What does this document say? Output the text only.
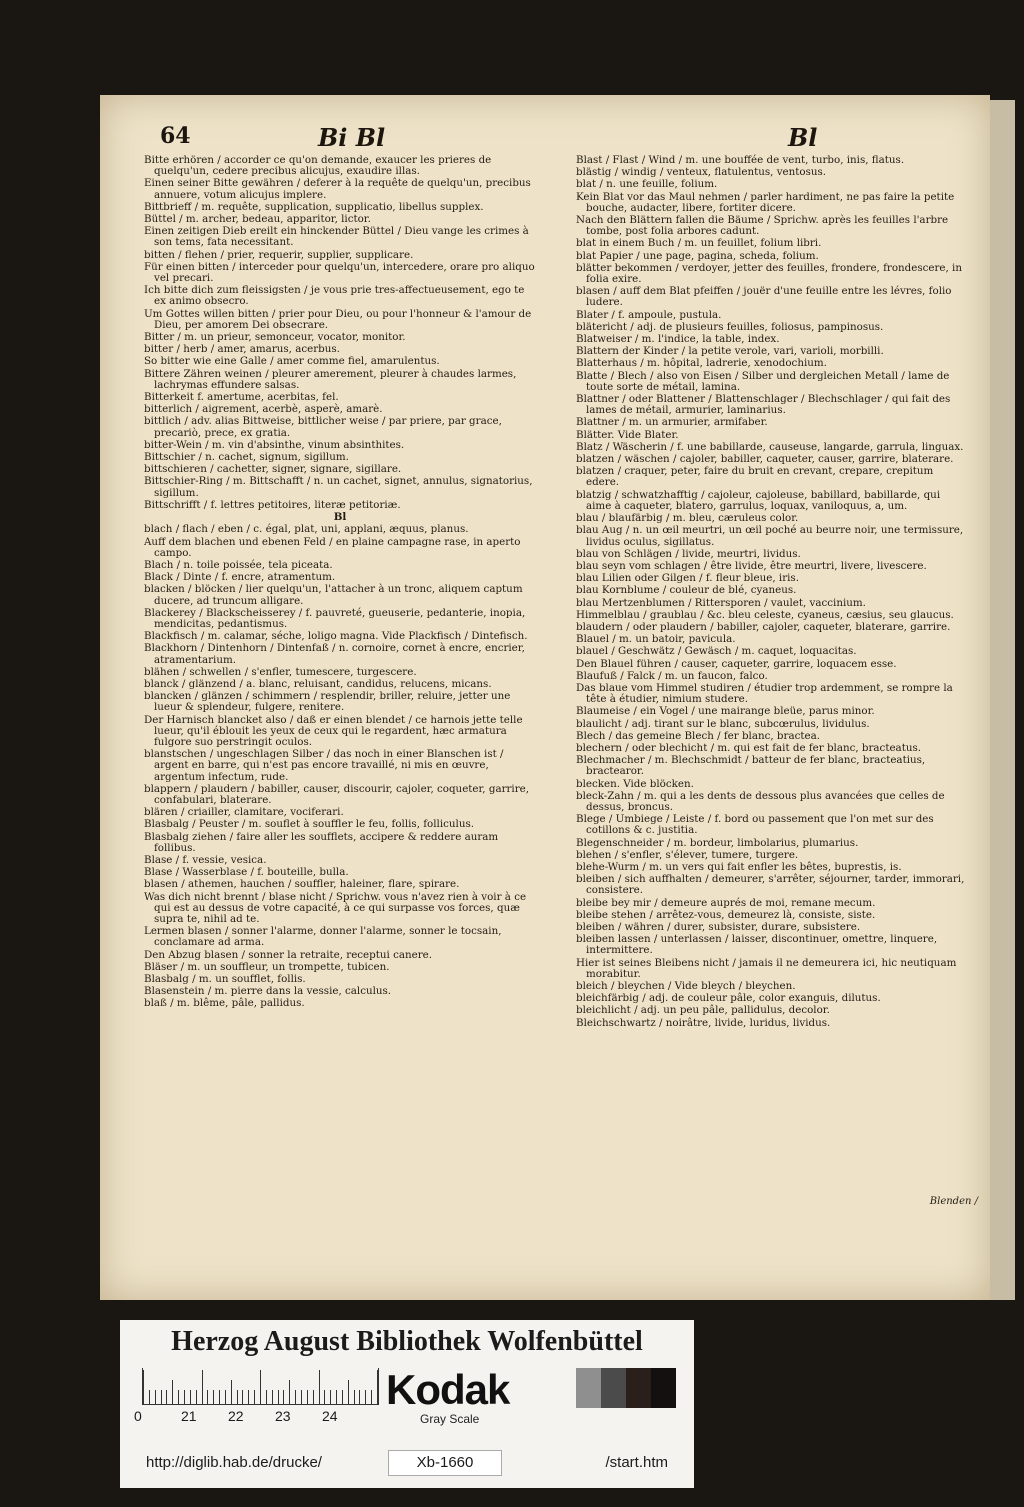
64	Bi Bl	Bl
Bitte erhören / accorder ce qu'on demande, exaucer les prieres de quelqu'un, cedere precibus alicujus, exaudire illas.
Einen seiner Bitte gewähren / deferer à la requête de quelqu'un, precibus annuere, votum alicujus implere.
Bittbrieff / m. requête, supplication, supplicatio, libellus supplex.
Büttel / m. archer, bedeau, apparitor, lictor.
Einen zeitigen Dieb ereilt ein hinckender Büttel / Dieu vange les crimes à son tems, fata necessitant.
bitten / flehen / prier, requerir, supplier, supplicare.
Für einen bitten / interceder pour quelqu'un, intercedere, orare pro aliquo vel precari.
Ich bitte dich zum fleissigsten / je vous prie tres-affectueusement, ego te ex animo obsecro.
Um Gottes willen bitten / prier pour Dieu, ou pour l'honneur & l'amour de Dieu, per amorem Dei obsecrare.
Bitter / m. un prieur, semonceur, vocator, monitor.
bitter / herb / amer, amarus, acerbus.
So bitter wie eine Galle / amer comme fiel, amarulentus.
Bittere Zähren weinen / pleurer amerement, pleurer à chaudes larmes, lachrymas effundere salsas.
Bitterkeit f. amertume, acerbitas, fel.
bitterlich / aigrement, acerbè, asperè, amarè.
bittlich / adv. alias Bittweise, bittlicher weise / par priere, par grace, precariò, prece, ex gratia.
bitter-Wein / m. vin d'absinthe, vinum absinthites.
Bittschier / n. cachet, signum, sigillum.
bittschieren / cachetter, signer, signare, sigillare.
Bittschier-Ring / m. Bittschafft / n. un cachet, signet, annulus, signatorius, sigillum.
Bittschrifft / f. lettres petitoires, literæ petitoriæ.
Bl
blach / flach / eben / c. égal, plat, uni, applani, æquus, planus.
Auff dem blachen und ebenen Feld / en plaine campagne rase, in aperto campo.
Blach / n. toile poissée, tela piceata.
Black / Dinte / f. encre, atramentum.
blacken / blöcken / lier quelqu'un, l'attacher à un tronc, aliquem captum ducere, ad truncum alligare.
Blackerey / Blackscheisserey / f. pauvreté, gueuserie, pedanterie, inopia, mendicitas, pedantismus.
Blackfisch / m. calamar, séche, loligo magna. Vide Plackfisch / Dintefisch.
Blackhorn / Dintenhorn / Dintenfaß / n. cornoire, cornet à encre, encrier, atramentarium.
blähen / schwellen / s'enfler, tumescere, turgescere.
blanck / glänzend / a. blanc, reluisant, candidus, relucens, micans.
blancken / glänzen / schimmern / resplendir, briller, reluire, jetter une lueur & splendeur, fulgere, renitere.
Der Harnisch blancket also / daß er einen blendet / ce harnois jette telle lueur, qu'il éblouit les yeux de ceux qui le regardent, hæc armatura fulgore suo perstringit oculos.
blanstschen / ungeschlagen Silber / das noch in einer Blanschen ist / argent en barre, qui n'est pas encore travaillé, ni mis en œuvre, argentum infectum, rude.
blappern / plaudern / babiller, causer, discourir, cajoler, coqueter, garrire, confabulari, blaterare.
blären / criailler, clamitare, vociferari.
Blasbalg / Peuster / m. souflet à souffler le feu, follis, folliculus.
Blasbalg ziehen / faire aller les soufflets, accipere & reddere auram follibus.
Blase / f. vessie, vesica.
Blase / Wasserblase / f. bouteille, bulla.
blasen / athemen, hauchen / souffler, haleiner, flare, spirare.
Was dich nicht brennt / blase nicht / Sprichw. vous n'avez rien à voir à ce qui est au dessus de votre capacité, à ce qui surpasse vos forces, quæ supra te, nihil ad te.
Lermen blasen / sonner l'alarme, donner l'alarme, sonner le tocsain, conclamare ad arma.
Den Abzug blasen / sonner la retraite, receptui canere.
Bläser / m. un souffleur, un trompette, tubicen.
Blasbalg / m. un soufflet, follis.
Blasenstein / m. pierre dans la vessie, calculus.
blaß / m. blême, pâle, pallidus.
Blast / Flast / Wind / m. une bouffée de vent, turbo, inis, flatus.
blästig / windig / venteux, flatulentus, ventosus.
blat / n. une feuille, folium.
Kein Blat vor das Maul nehmen / parler hardiment, ne pas faire la petite bouche, audacter, libere, fortiter dicere.
Nach den Blättern fallen die Bäume / Sprichw. après les feuilles l'arbre tombe, post folia arbores cadunt.
blat in einem Buch / m. un feuillet, folium libri.
blat Papier / une page, pagina, scheda, folium.
blätter bekommen / verdoyer, jetter des feuilles, frondere, frondescere, in folia exire.
blasen / auff dem Blat pfeiffen / jouër d'une feuille entre les lévres, folio ludere.
Blater / f. ampoule, pustula.
blätericht / adj. de plusieurs feuilles, foliosus, pampinosus.
Blatweiser / m. l'indice, la table, index.
Blattern der Kinder / la petite verole, vari, varioli, morbilli.
Blatterhaus / m. hôpital, ladrerie, xenodochium.
Blatte / Blech / also von Eisen / Silber und dergleichen Metall / lame de toute sorte de métail, lamina.
Blattner / oder Blattener / Blattenschlager / Blechschlager / qui fait des lames de métail, armurier, laminarius.
Blattner / m. un armurier, armifaber.
Blätter. Vide Blater.
Blatz / Wäscherin / f. une babillarde, causeuse, langarde, garrula, linguax.
blatzen / wäschen / cajoler, babiller, caqueter, causer, garrire, blaterare.
blatzen / craquer, peter, faire du bruit en crevant, crepare, crepitum edere.
blatzig / schwatzhafftig / cajoleur, cajoleuse, babillard, babillarde, qui aime à caqueter, blatero, garrulus, loquax, vaniloquus, a, um.
blau / blaufärbig / m. bleu, cæruleus color.
blau Aug / n. un œil meurtri, un œil poché au beurre noir, une termissure, lividus oculus, sigillatus.
blau von Schlägen / livide, meurtri, lividus.
blau seyn vom schlagen / être livide, être meurtri, livere, livescere.
blau Lilien oder Gilgen / f. fleur bleue, iris.
blau Kornblume / couleur de blé, cyaneus.
blau Mertzenblumen / Rittersporen / vaulet, vaccinium.
Himmelblau / graublau / &c. bleu celeste, cyaneus, cæsius, seu glaucus.
blaudern / oder plaudern / babiller, cajoler, caqueter, blaterare, garrire.
Blauel / m. un batoir, pavicula.
blauel / Geschwätz / Gewäsch / m. caquet, loquacitas.
Den Blauel führen / causer, caqueter, garrire, loquacem esse.
Blaufuß / Falck / m. un faucon, falco.
Das blaue vom Himmel studiren / étudier trop ardemment, se rompre la tête à étudier, nimium studere.
Blaumeise / ein Vogel / une mairange bleüe, parus minor.
blaulicht / adj. tirant sur le blanc, subcœrulus, lividulus.
Blech / das gemeine Blech / fer blanc, bractea.
blechern / oder blechicht / m. qui est fait de fer blanc, bracteatus.
Blechmacher / m. Blechschmidt / batteur de fer blanc, bracteatius, bractearor.
blecken. Vide blöcken.
bleck-Zahn / m. qui a les dents de dessous plus avancées que celles de dessus, broncus.
Blege / Umbiege / Leiste / f. bord ou passement que l'on met sur des cotillons & c. justitia.
Blegenschneider / m. bordeur, limbolarius, plumarius.
blehen / s'enfler, s'élever, tumere, turgere.
blehe-Wurm / m. un vers qui fait enfler les bêtes, buprestis, is.
bleiben / sich auffhalten / demeurer, s'arrêter, séjourner, tarder, immorari, consistere.
bleibe bey mir / demeure auprés de moi, remane mecum.
bleibe stehen / arrêtez-vous, demeurez là, consiste, siste.
bleiben / währen / durer, subsister, durare, subsistere.
bleiben lassen / unterlassen / laisser, discontinuer, omettre, linquere, intermittere.
Hier ist seines Bleibens nicht / jamais il ne demeurera ici, hic neutiquam morabitur.
bleich / bleychen / Vide bleych / bleychen.
bleichfärbig / adj. de couleur pâle, color exanguis, dilutus.
bleichlicht / adj. un peu pâle, pallidulus, decolor.
Bleichschwartz / noirâtre, livide, luridus, lividus.
Blenden /
Herzog August Bibliothek Wolfenbüttel
0	21 22 23 24
Kodak
Gray Scale
http://diglib.hab.de/drucke/	Xb-1660	/start.htm
